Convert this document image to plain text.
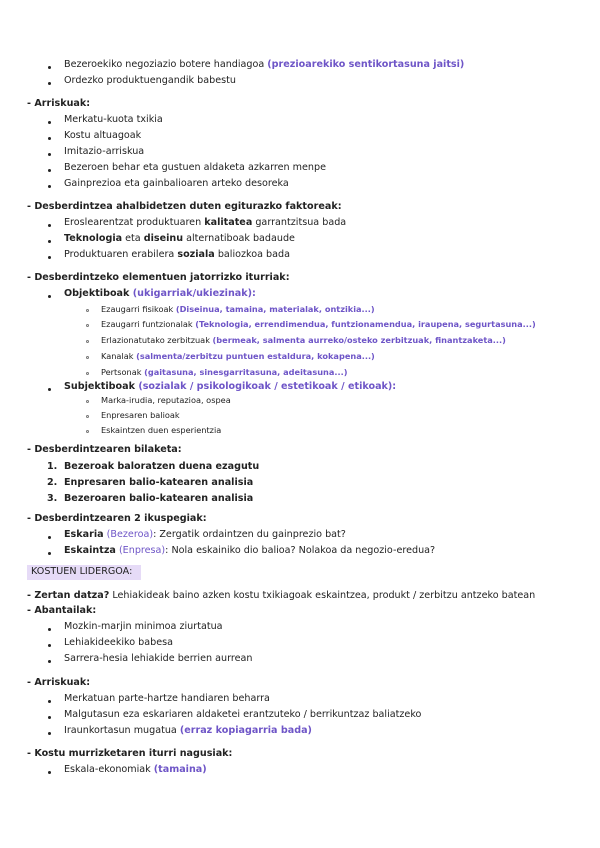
Bezeroekiko negoziazio botere handiagoa (prezioarekiko sentikortasuna jaitsi)
Ordezko produktuengandik babestu
- Arriskuak:
Merkatu-kuota txikia
Kostu altuagoak
Imitazio-arriskua
Bezeroen behar eta gustuen aldaketa azkarren menpe
Gainprezioa eta gainbalioaren arteko desoreka
- Desberdintzea ahalbidetzen duten egiturazko faktoreak:
Eroslearentzat produktuaren kalitatea garrantzitsua bada
Teknologia eta diseinu alternatiboak badaude
Produktuaren erabilera soziala baliozkoa bada
- Desberdintzeko elementuen jatorrizko iturriak:
Objektiboak (ukigarriak/ukiezinak):
Ezaugarri fisikoak (Diseinua, tamaina, materialak, ontzikia...)
Ezaugarri funtzionalak (Teknologia, errendimendua, funtzionamendua, iraupena, segurtasuna...)
Erlazionatutako zerbitzuak (bermeak, salmenta aurreko/osteko zerbitzuak, finantzaketa...)
Kanalak (salmenta/zerbitzu puntuen estaldura, kokapena...)
Pertsonak (gaitasuna, sinesgarritasuna, adeitasuna...)
Subjektiboak (sozialak / psikologikoak / estetikoak / etikoak):
Marka-irudia, reputazioa, ospea
Enpresaren balioak
Eskaintzen duen esperientzia
- Desberdintzearen bilaketa:
1. Bezeroak baloratzen duena ezagutu
2. Enpresaren balio-katearen analisia
3. Bezeroaren balio-katearen analisia
- Desberdintzearen 2 ikuspegiak:
Eskaria (Bezeroa): Zergatik ordaintzen du gainprezio bat?
Eskaintza (Enpresa): Nola eskainiko dio balioa? Nolakoa da negozio-eredua?
KOSTUEN LIDERGOA:
- Zertan datza? Lehiakideak baino azken kostu txikiagoak eskaintzea, produkt / zerbitzu antzeko batean
- Abantailak:
Mozkin-marjin minimoa ziurtatua
Lehiakideekiko babesa
Sarrera-hesia lehiakide berrien aurrean
- Arriskuak:
Merkatuan parte-hartze handiaren beharra
Malgutasun eza eskariaren aldaketei erantzuteko / berrikuntzaz baliatzeko
Iraunkortasun mugatua (erraz kopiagarria bada)
- Kostu murrizketaren iturri nagusiak:
Eskala-ekonomiak (tamaina)
